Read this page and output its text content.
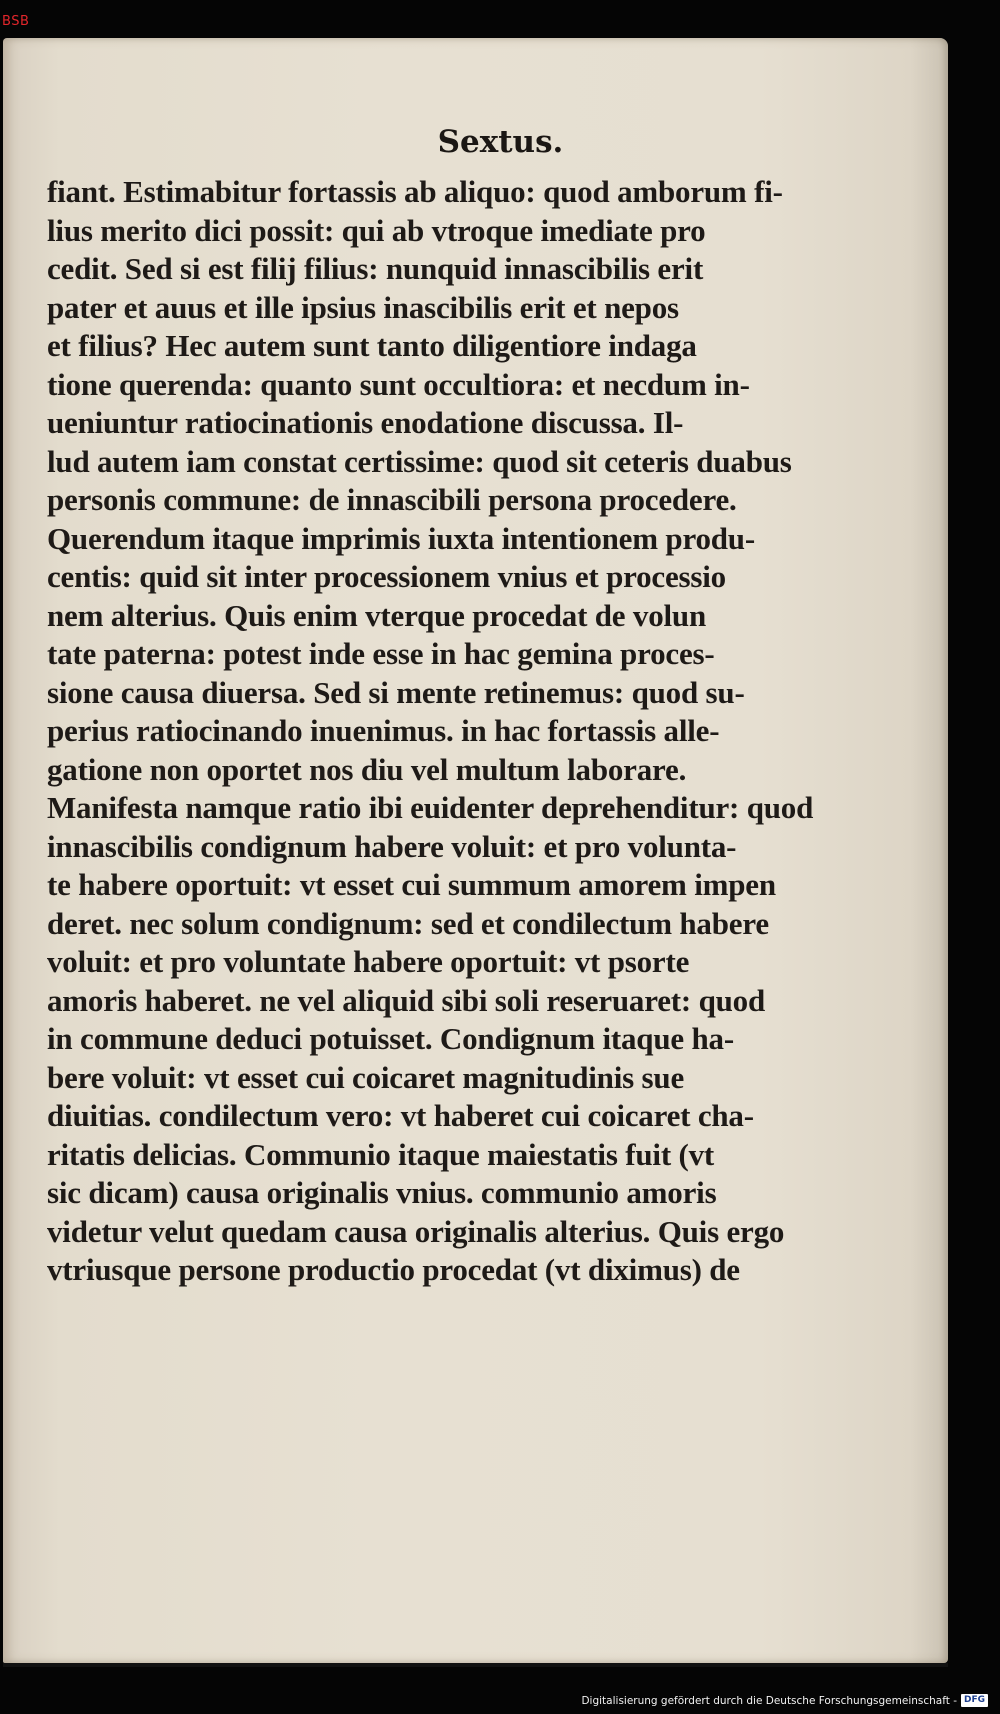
BSB
Sextus.
fiant. Estimabitur fortassis ab aliquo: quod amborum fi-
lius merito dici possit: qui ab vtroque imediate pro
cedit. Sed si est filij filius: nunquid innascibilis erit
pater et auus et ille ipsius inascibilis erit et nepos
et filius? Hec autem sunt tanto diligentiore indaga
tione querenda: quanto sunt occultiora: et necdum in-
ueniuntur ratiocinationis enodatione discussa. Il-
lud autem iam constat certissime: quod sit ceteris duabus
personis commune: de innascibili persona procedere.
Querendum itaque imprimis iuxta intentionem produ-
centis: quid sit inter processionem vnius et processio
nem alterius. Quis enim vterque procedat de volun
tate paterna: potest inde esse in hac gemina proces-
sione causa diuersa. Sed si mente retinemus: quod su-
perius ratiocinando inuenimus. in hac fortassis alle-
gatione non oportet nos diu vel multum laborare.
Manifesta namque ratio ibi euidenter deprehenditur: quod
innascibilis condignum habere voluit: et pro volunta-
te habere oportuit: vt esset cui summum amorem impen
deret. nec solum condignum: sed et condilectum habere
voluit: et pro voluntate habere oportuit: vt psorte
amoris haberet. ne vel aliquid sibi soli reseruaret: quod
in commune deduci potuisset. Condignum itaque ha-
bere voluit: vt esset cui coicaret magnitudinis sue
diuitias. condilectum vero: vt haberet cui coicaret cha-
ritatis delicias. Communio itaque maiestatis fuit (vt
sic dicam) causa originalis vnius. communio amoris
videtur velut quedam causa originalis alterius. Quis ergo
vtriusque persone productio procedat (vt diximus) de
Digitalisierung gefördert durch die Deutsche Forschungsgemeinschaft - DFG
